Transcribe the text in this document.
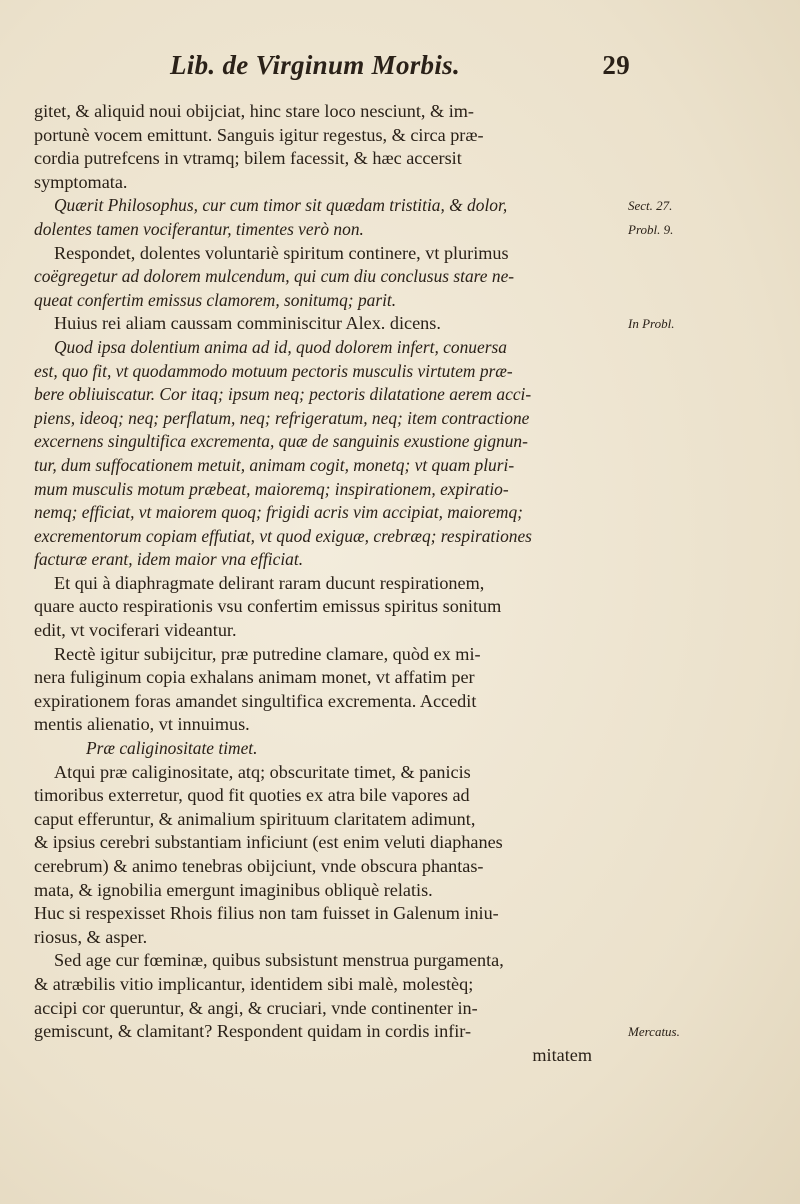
Lib. de Virginum Morbis.	29
gitet, & aliquid noui obijciat, hinc stare loco nesciunt, & im-
portunè vocem emittunt. Sanguis igitur regestus, & circa præ-
cordia putrefcens in vtramq; bilem facessit, & hæc accersit
symptomata.
Quærit Philosophus, cur cum timor sit quædam tristitia, & dolor,
dolentes tamen vociferantur, timentes verò non.
Respondet, dolentes voluntariè spiritum continere, vt plurimus
coëgregetur ad dolorem mulcendum, qui cum diu conclusus stare ne-
queat confertim emissus clamorem, sonitumq; parit.
Huius rei aliam caussam comminiscitur Alex. dicens.
Quod ipsa dolentium anima ad id, quod dolorem infert, conuersa
est, quo fit, vt quodammodo motuum pectoris musculis virtutem præ-
bere obliuiscatur. Cor itaq; ipsum neq; pectoris dilatatione aerem acci-
piens, ideoq; neq; perflatum, neq; refrigeratum, neq; item contractione
excernens singultifica excrementa, quæ de sanguinis exustione gignun-
tur, dum suffocationem metuit, animam cogit, monetq; vt quam pluri-
mum musculis motum præbeat, maioremq; inspirationem, expiratio-
nemq; efficiat, vt maiorem quoq; frigidi acris vim accipiat, maioremq;
excrementorum copiam effutiat, vt quod exiguæ, crebræq; respirationes
facturæ erant, idem maior vna efficiat.
Et qui à diaphragmate delirant raram ducunt respirationem,
quare aucto respirationis vsu confertim emissus spiritus sonitum
edit, vt vociferari videantur.
Rectè igitur subijcitur, præ putredine clamare, quòd ex mi-
nera fuliginum copia exhalans animam monet, vt affatim per
expirationem foras amandet singultifica excrementa. Accedit
mentis alienatio, vt innuimus.
Præ caliginositate timet.
Atqui præ caliginositate, atq; obscuritate timet, & panicis
timoribus exterretur, quod fit quoties ex atra bile vapores ad
caput efferuntur, & animalium spirituum claritatem adimunt,
& ipsius cerebri substantiam inficiunt (est enim veluti diaphanes
cerebrum) & animo tenebras obijciunt, vnde obscura phantas-
mata, & ignobilia emergunt imaginibus obliquè relatis.
Huc si respexisset Rhois filius non tam fuisset in Galenum iniu-
riosus, & asper.
Sed age cur fœminæ, quibus subsistunt menstrua purgamenta,
& atræbilis vitio implicantur, identidem sibi malè, molestèq;
accipi cor queruntur, & angi, & cruciari, vnde continenter in-
gemiscunt, & clamitant? Respondent quidam in cordis infir-
mitatem
Sect. 27.
Probl. 9.
In Probl.
Mercatus.
